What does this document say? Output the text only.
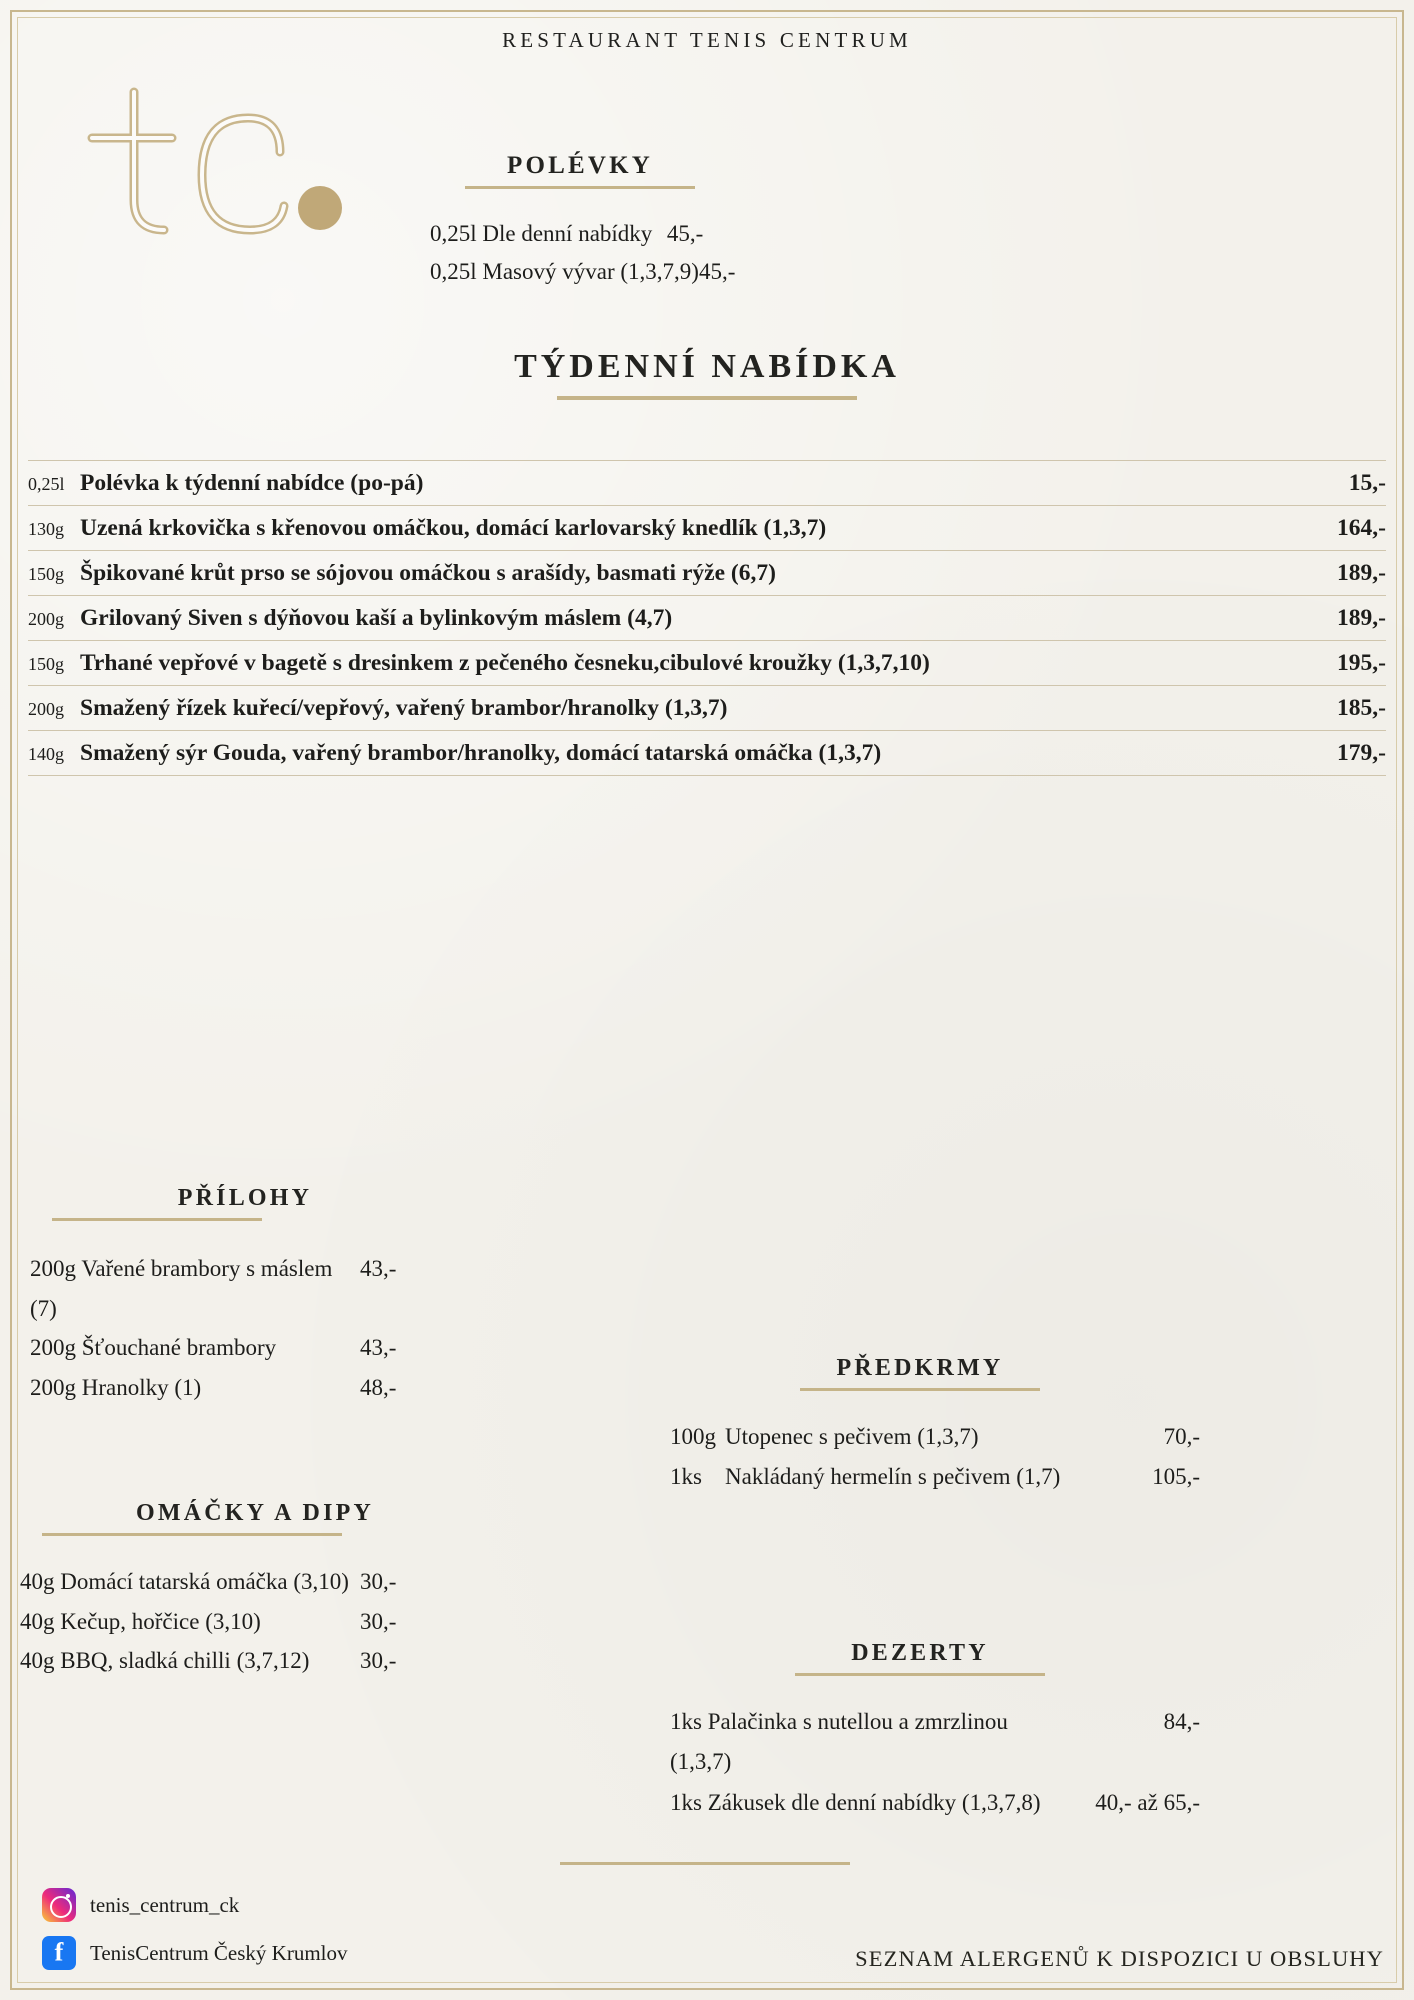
RESTAURANT TENIS CENTRUM
POLÉVKY
0,25l Dle denní nabídky 45,-
0,25l Masový vývar (1,3,7,9) 45,-
TÝDENNÍ NABÍDKA
0,25l Polévka k týdenní nabídce (po-pá)	15,-
130g Uzená krkovička s křenovou omáčkou, domácí karlovarský knedlík (1,3,7)	164,-
150g Špikované krůt prso se sójovou omáčkou s arašídy, basmati rýže (6,7)	189,-
200g Grilovaný Siven s dýňovou kaší a bylinkovým máslem (4,7)	189,-
150g Trhané vepřové v bagetě s dresinkem z pečeného česneku,cibulové kroužky (1,3,7,10)	195,-
200g Smažený řízek kuřecí/vepřový, vařený brambor/hranolky (1,3,7)	185,-
140g Smažený sýr Gouda, vařený brambor/hranolky, domácí tatarská omáčka (1,3,7)	179,-
PŘÍLOHY
200g Vařené brambory s máslem (7)
43,-
200g Šťouchané brambory	43,-
200g Hranolky (1)	48,-
OMÁČKY A DIPY
40g Domácí tatarská omáčka (3,10) 30,-
40g Kečup, hořčice (3,10)	30,-
40g BBQ, sladká chilli (3,7,12)	30,-
PŘEDKRMY
100g Utopenec s pečivem (1,3,7)	70,-
1ks	Nakládaný hermelín s pečivem (1,7)	105,-
DEZERTY
1ks Palačinka s nutellou a zmrzlinou (1,3,7)
84,-
1ks Zákusek dle denní nabídky (1,3,7,8)	40,- až 65,-
SEZNAM ALERGENŮ K DISPOZICI U OBSLUHY
tenis_centrum_ck
f
TenisCentrum Český Krumlov
